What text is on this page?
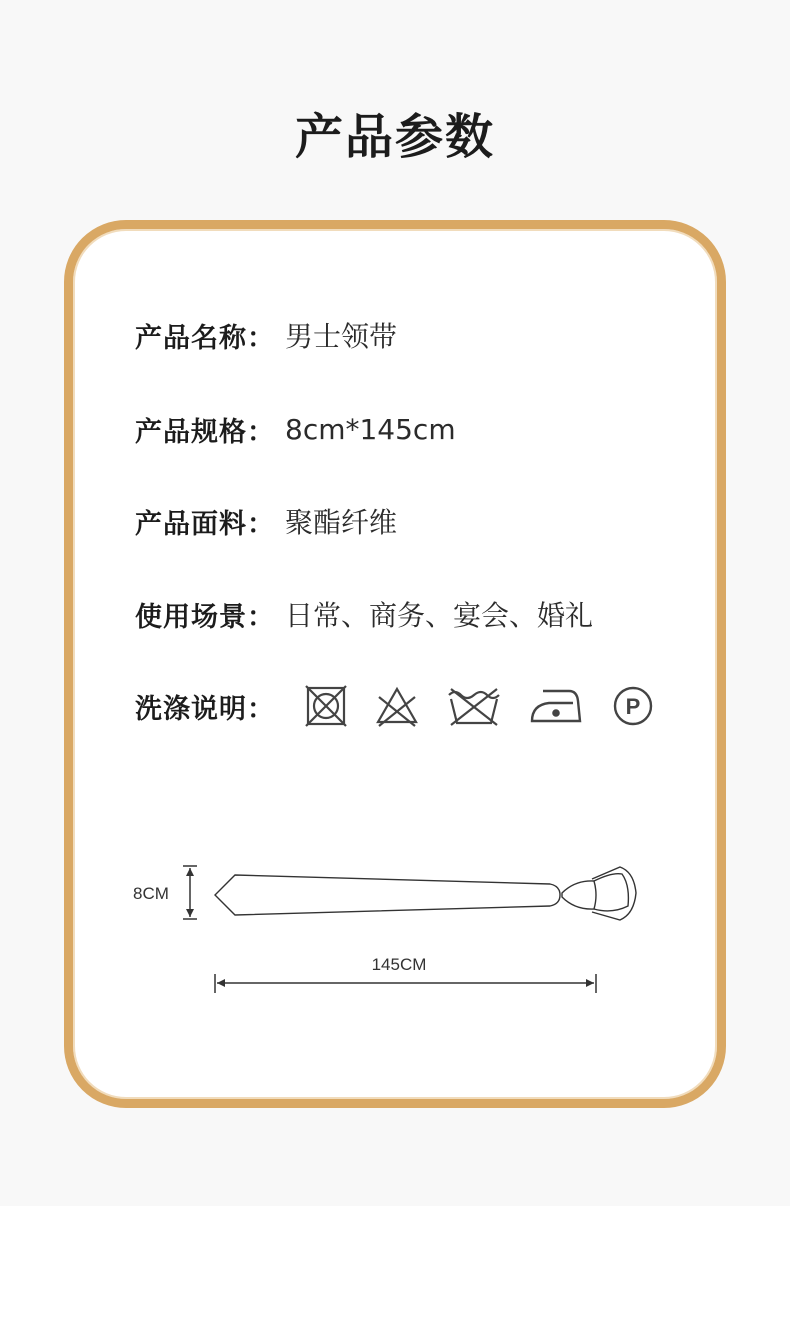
产品参数
产品名称： 男士领带
产品规格： 8cm*145cm
产品面料： 聚酯纤维
使用场景： 日常、商务、宴会、婚礼
洗涤说明：	P
8CM
145CM
